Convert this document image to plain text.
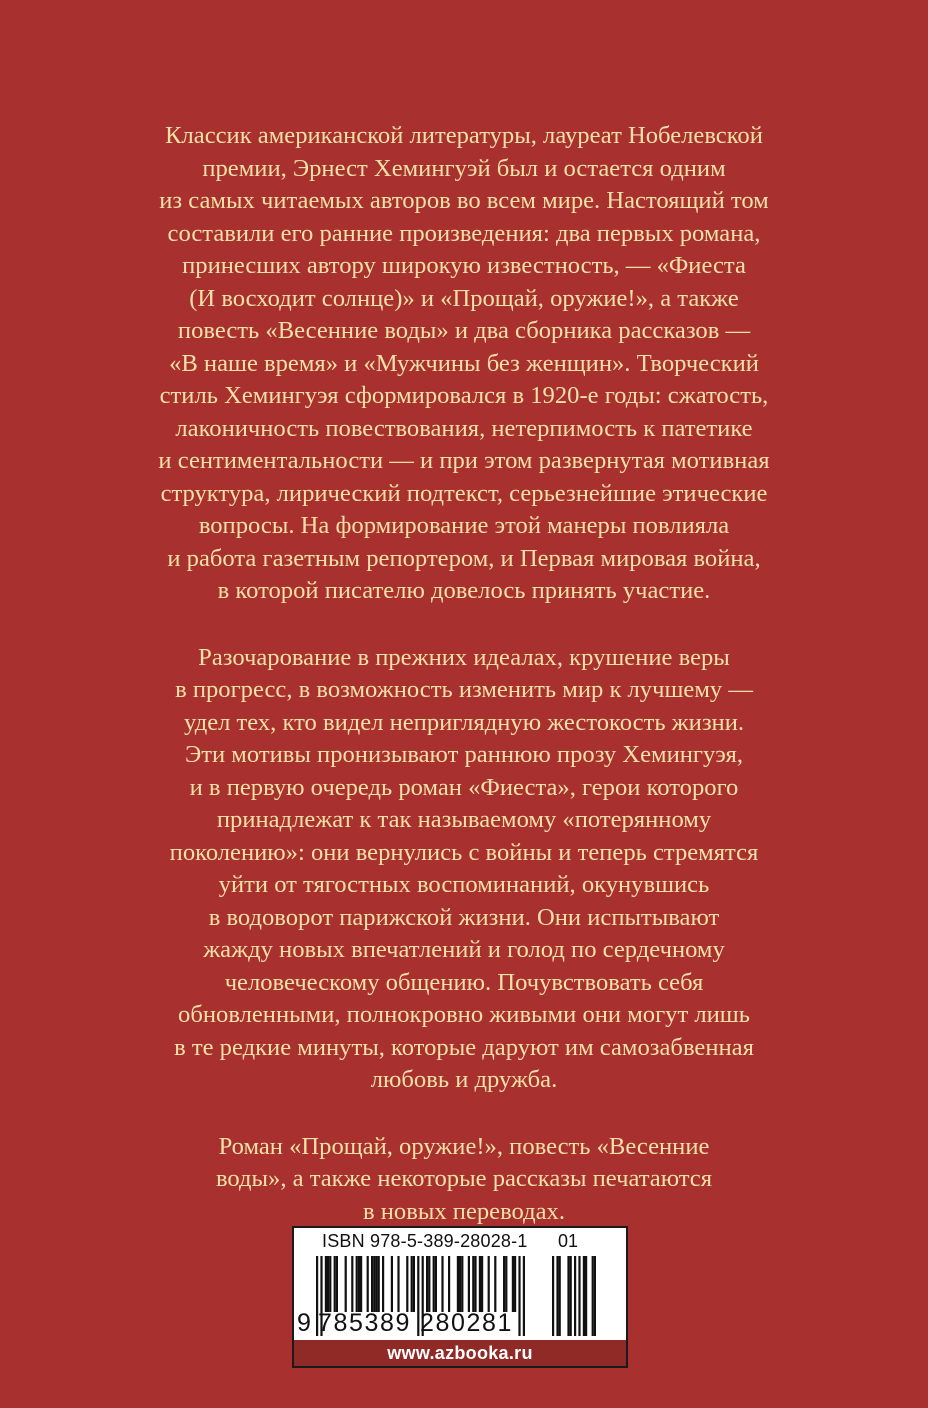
Классик американской литературы, лауреат Нобелевской
премии, Эрнест Хемингуэй был и остается одним
из самых читаемых авторов во всем мире. Настоящий том
составили его ранние произведения: два первых романа,
принесших автору широкую известность, — «Фиеста
(И восходит солнце)» и «Прощай, оружие!», а также
повесть «Весенние воды» и два сборника рассказов —
«В наше время» и «Мужчины без женщин». Творческий
стиль Хемингуэя сформировался в 1920-е годы: сжатость,
лаконичность повествования, нетерпимость к патетике
и сентиментальности — и при этом развернутая мотивная
структура, лирический подтекст, серьезнейшие этические
вопросы. На формирование этой манеры повлияла
и работа газетным репортером, и Первая мировая война,
в которой писателю довелось принять участие.

Разочарование в прежних идеалах, крушение веры
в прогресс, в возможность изменить мир к лучшему —
удел тех, кто видел неприглядную жестокость жизни.
Эти мотивы пронизывают раннюю прозу Хемингуэя,
и в первую очередь роман «Фиеста», герои которого
принадлежат к так называемому «потерянному
поколению»: они вернулись с войны и теперь стремятся
уйти от тягостных воспоминаний, окунувшись
в водоворот парижской жизни. Они испытывают
жажду новых впечатлений и голод по сердечному
человеческому общению. Почувствовать себя
обновленными, полнокровно живыми они могут лишь
в те редкие минуты, которые даруют им самозабвенная
любовь и дружба.

Роман «Прощай, оружие!», повесть «Весенние
воды», а также некоторые рассказы печатаются
в новых переводах.

ISBN 978-5-389-28028-1 01
9 785389 280281
www.azbooka.ru
